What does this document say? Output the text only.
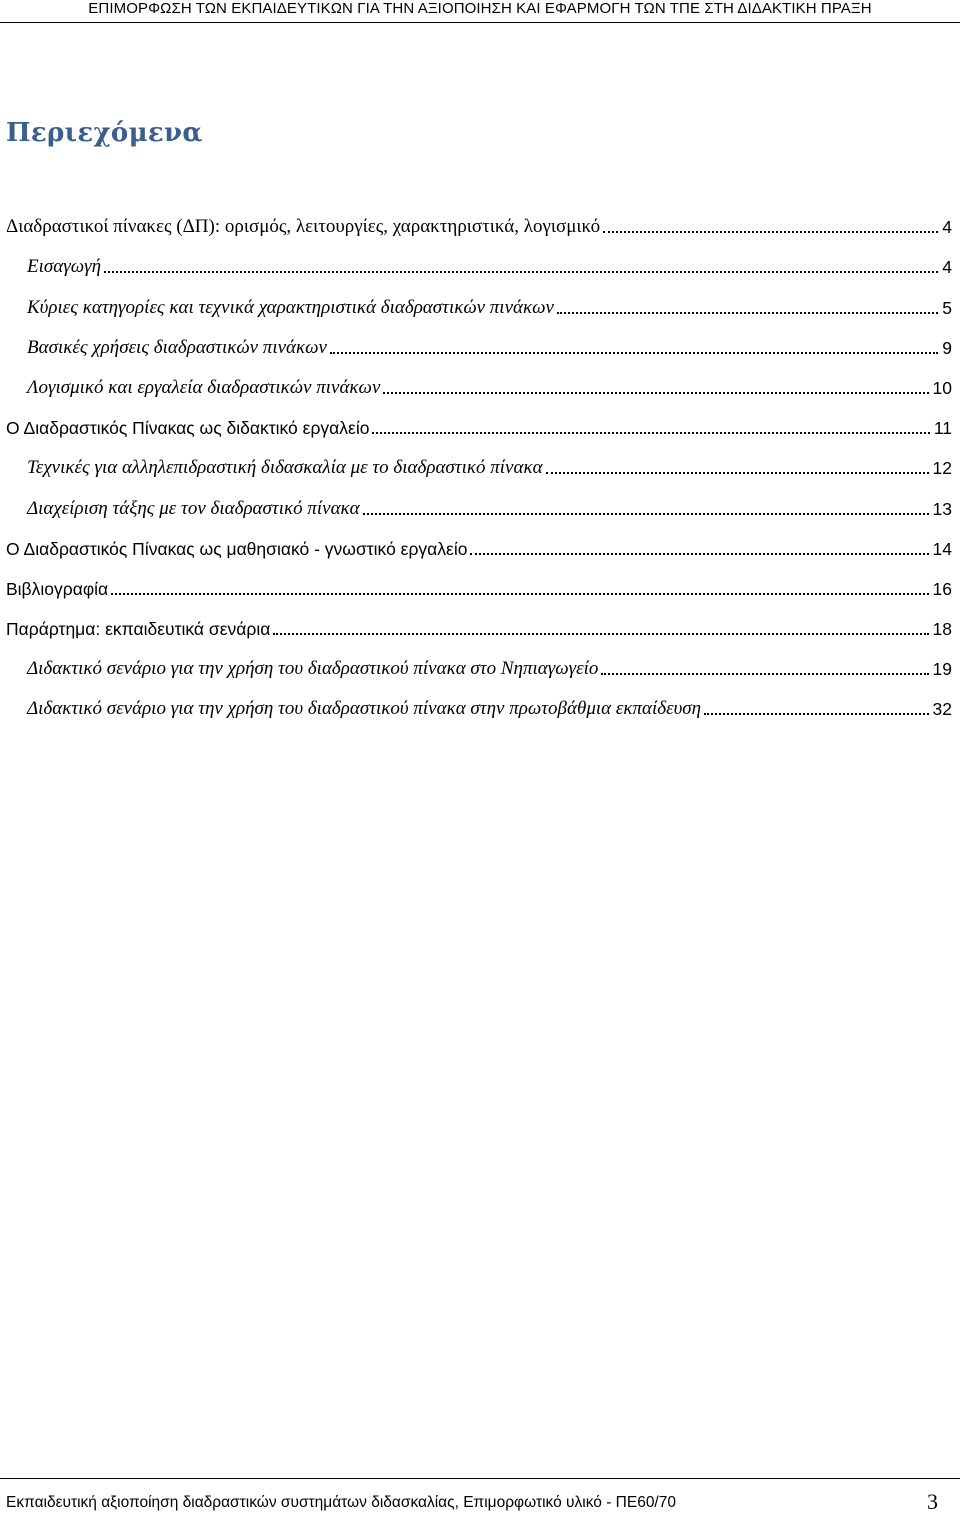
ΕΠΙΜΟΡΦΩΣΗ ΤΩΝ ΕΚΠΑΙΔΕΥΤΙΚΩΝ ΓΙΑ ΤΗΝ ΑΞΙΟΠΟΙΗΣΗ ΚΑΙ ΕΦΑΡΜΟΓΗ ΤΩΝ ΤΠΕ ΣΤΗ ΔΙΔΑΚΤΙΚΗ ΠΡΑΞΗ
Περιεχόμενα
Διαδραστικοί πίνακες (ΔΠ): ορισμός, λειτουργίες, χαρακτηριστικά, λογισμικό	4
Εισαγωγή	4
Κύριες κατηγορίες και τεχνικά χαρακτηριστικά διαδραστικών πινάκων	5
Βασικές χρήσεις διαδραστικών πινάκων	9
Λογισμικό και εργαλεία διαδραστικών πινάκων	10
Ο Διαδραστικός Πίνακας ως διδακτικό εργαλείο	11
Τεχνικές για αλληλεπιδραστική διδασκαλία με το διαδραστικό πίνακα	12
Διαχείριση τάξης με τον διαδραστικό πίνακα	13
Ο Διαδραστικός Πίνακας ως μαθησιακό - γνωστικό εργαλείο	14
Βιβλιογραφία	16
Παράρτημα: εκπαιδευτικά σενάρια	18
Διδακτικό σενάριο για την χρήση του διαδραστικού πίνακα στο Νηπιαγωγείο	19
Διδακτικό σενάριο για την χρήση του διαδραστικού πίνακα στην πρωτοβάθμια εκπαίδευση	32
Εκπαιδευτική αξιοποίηση διαδραστικών συστημάτων διδασκαλίας, Επιμορφωτικό υλικό - ΠΕ60/70	3
